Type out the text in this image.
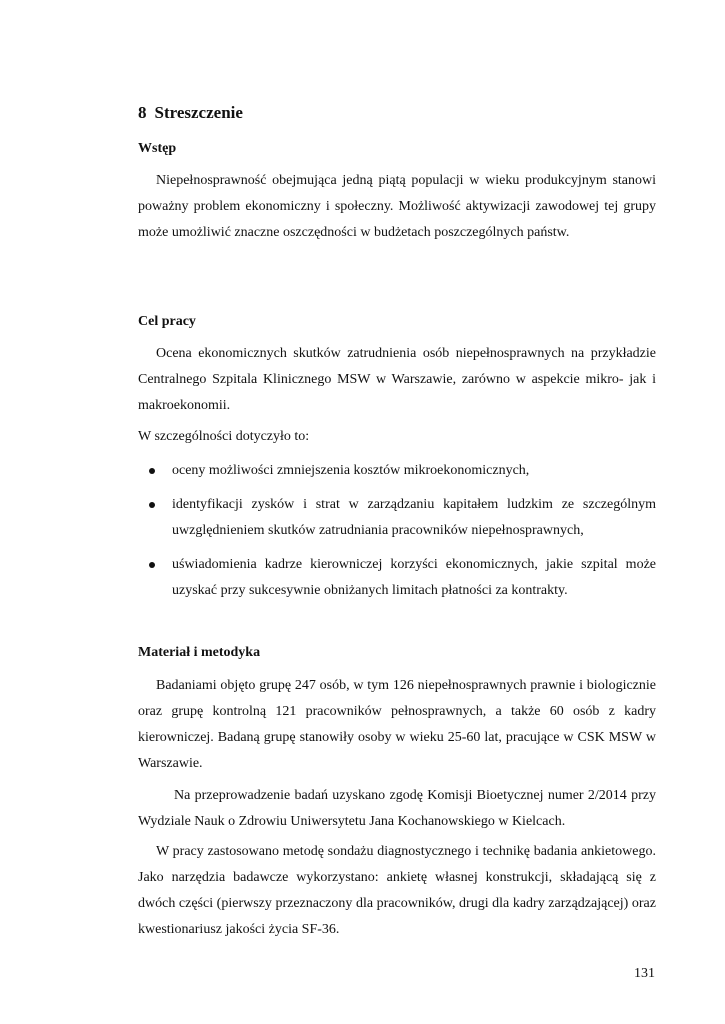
8 Streszczenie
Wstęp

Niepełnosprawność obejmująca jedną piątą populacji w wieku produkcyjnym stanowi poważny problem ekonomiczny i społeczny. Możliwość aktywizacji zawodowej tej grupy może umożliwić znaczne oszczędności w budżetach poszczególnych państw.

Cel pracy

Ocena ekonomicznych skutków zatrudnienia osób niepełnosprawnych na przykładzie Centralnego Szpitala Klinicznego MSW w Warszawie, zarówno w aspekcie mikro- jak i makroekonomii.

W szczególności dotyczyło to:

oceny możliwości zmniejszenia kosztów mikroekonomicznych,
identyfikacji zysków i strat w zarządzaniu kapitałem ludzkim ze szczególnym uwzględnieniem skutków zatrudniania pracowników niepełnosprawnych,
uświadomienia kadrze kierowniczej korzyści ekonomicznych, jakie szpital może uzyskać przy sukcesywnie obniżanych limitach płatności za kontrakty.
Materiał i metodyka

Badaniami objęto grupę 247 osób, w tym 126 niepełnosprawnych prawnie i biologicznie oraz grupę kontrolną 121 pracowników pełnosprawnych, a także 60 osób z kadry kierowniczej. Badaną grupę stanowiły osoby w wieku 25-60 lat, pracujące w CSK MSW w Warszawie.

Na przeprowadzenie badań uzyskano zgodę Komisji Bioetycznej numer 2/2014 przy Wydziale Nauk o Zdrowiu Uniwersytetu Jana Kochanowskiego w Kielcach.

W pracy zastosowano metodę sondażu diagnostycznego i technikę badania ankietowego. Jako narzędzia badawcze wykorzystano: ankietę własnej konstrukcji, składającą się z dwóch części (pierwszy przeznaczony dla pracowników, drugi dla kadry zarządzającej) oraz kwestionariusz jakości życia SF-36.

131
